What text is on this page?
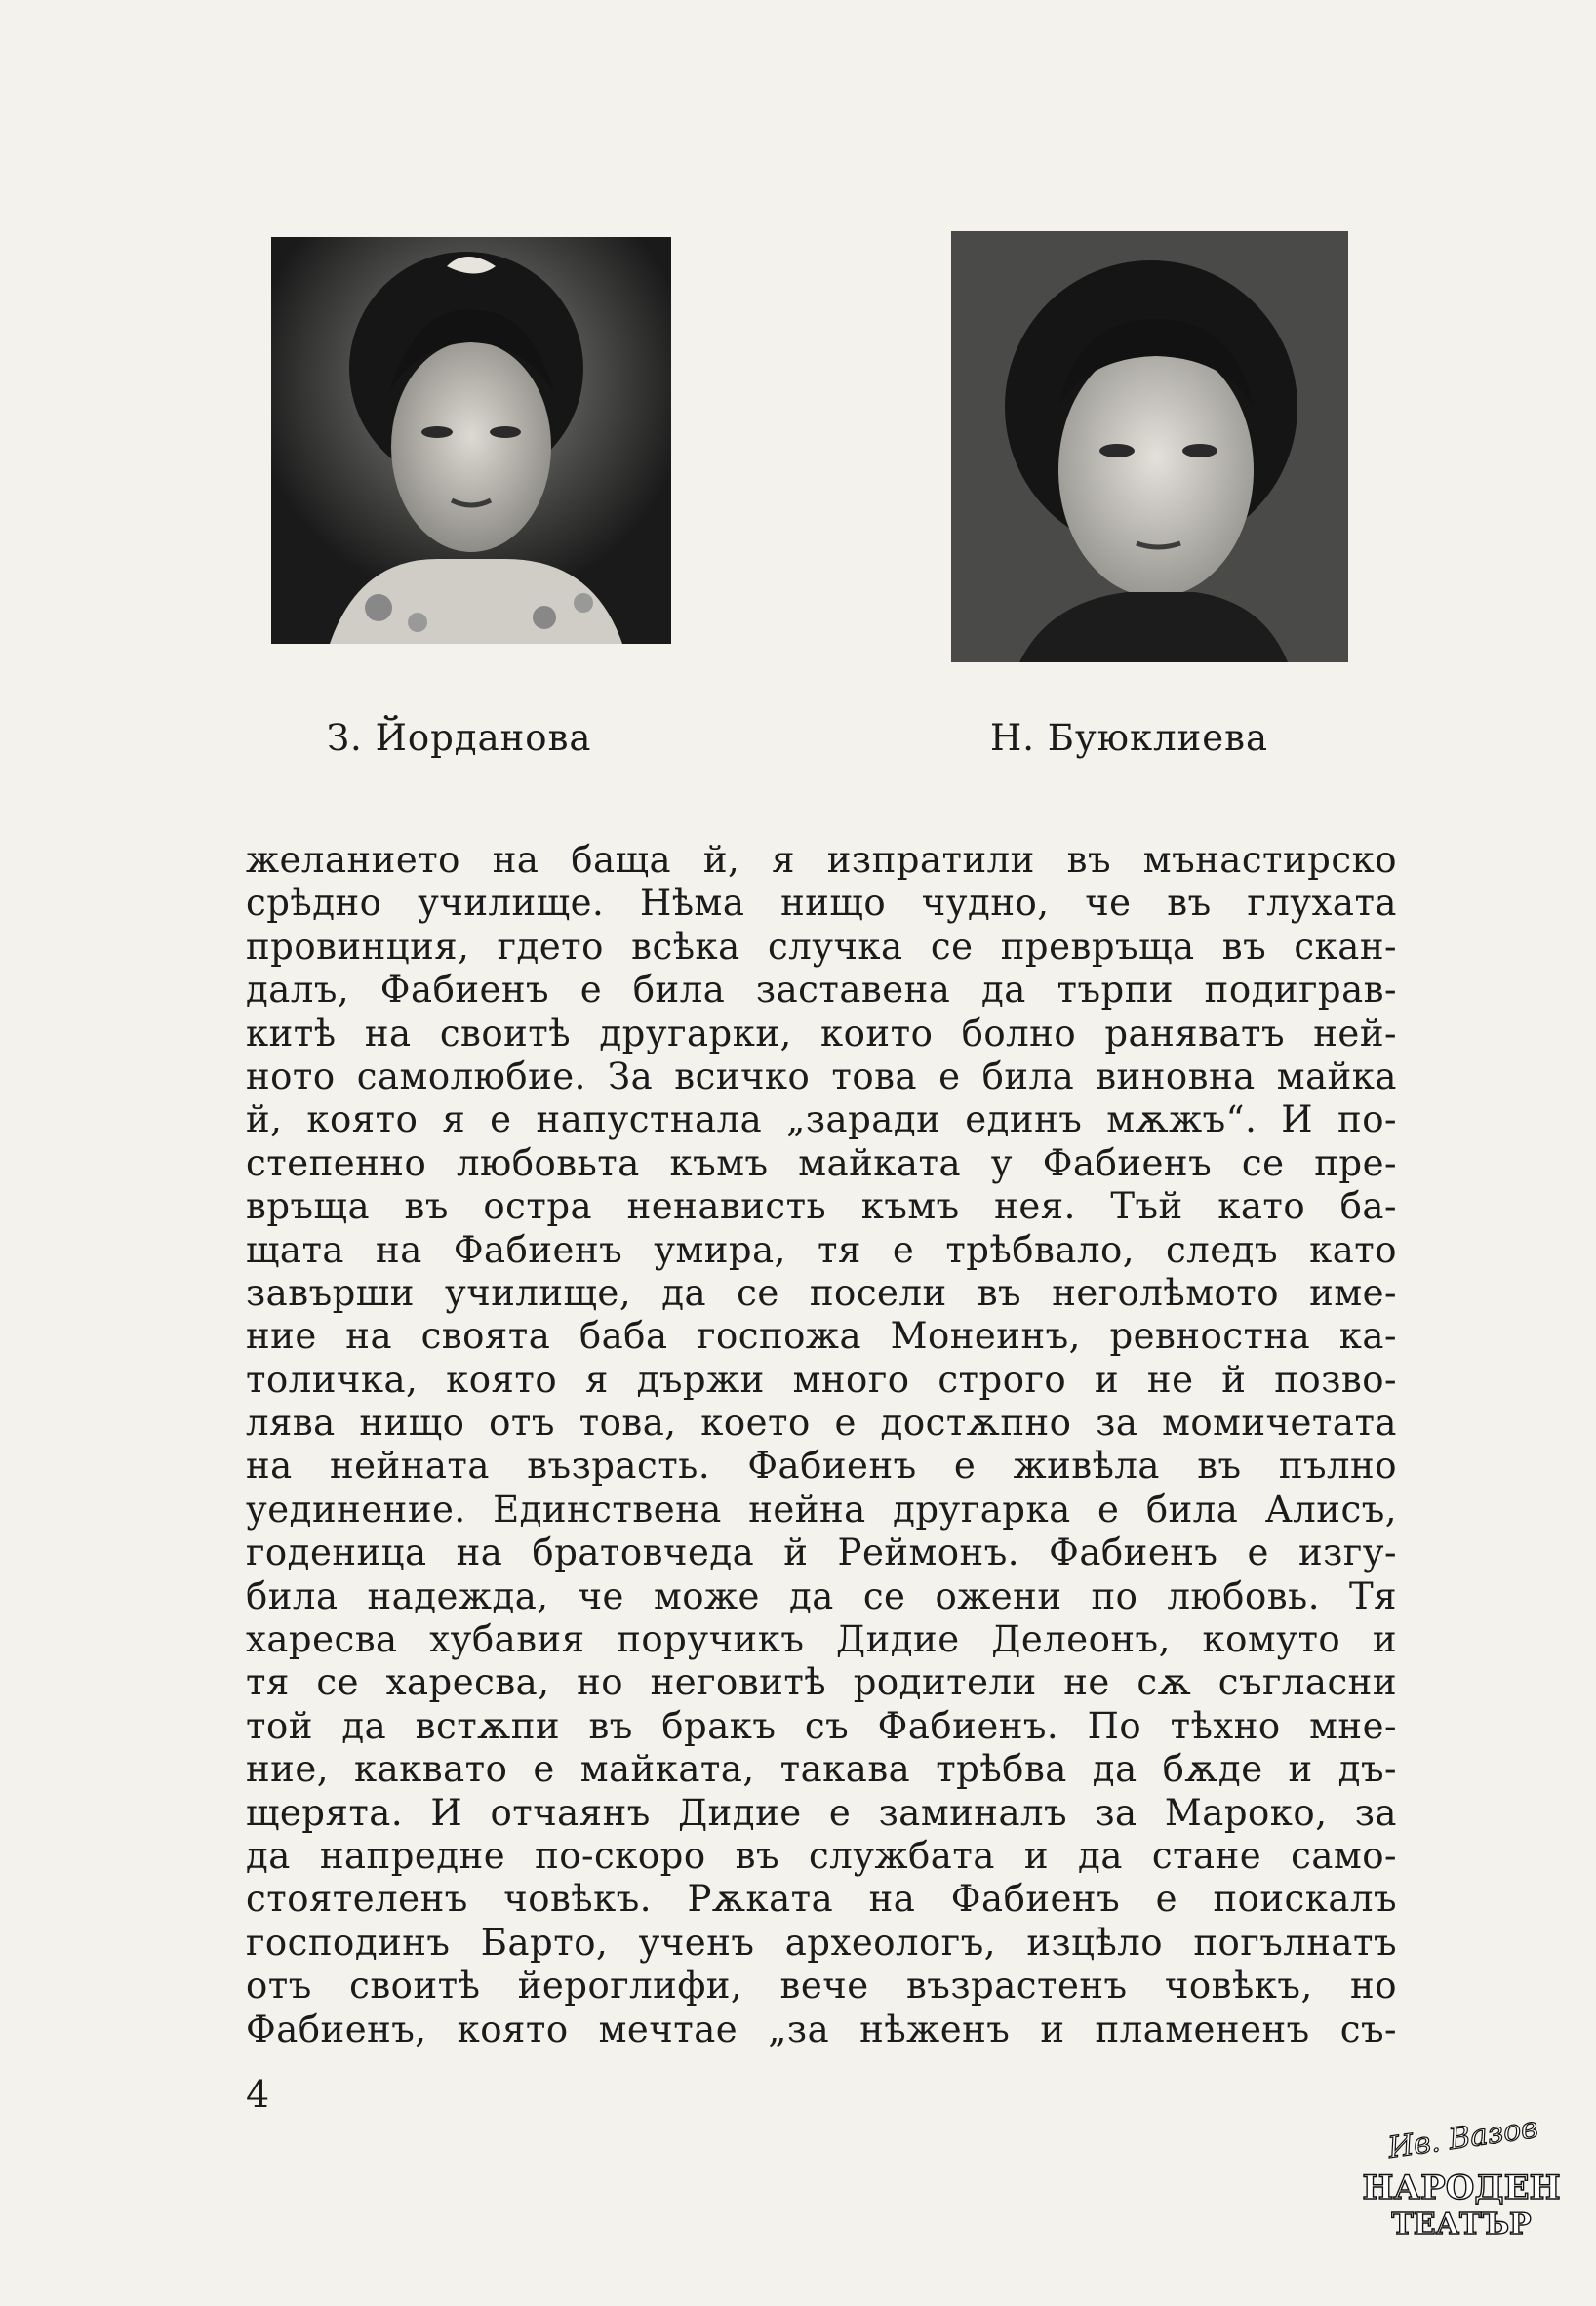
З. Йорданова	Н. Буюклиева
желанието на баща й, я изпратили въ мънастирско
срѣдно училище. Нѣма нищо чудно, че въ глухата
провинция, гдето всѣка случка се превръща въ скан-
далъ, Фабиенъ е била заставена да търпи подиграв-
китѣ на своитѣ другарки, които болно раняватъ ней-
ното самолюбие. За всичко това е била виновна майка
й, която я е напустнала „заради единъ мѫжъ“. И по-
степенно любовьта къмъ майката у Фабиенъ се пре-
връща въ остра ненависть къмъ нея. Тъй като ба-
щата на Фабиенъ умира, тя е трѣбвало, следъ като
завърши училище, да се посели въ неголѣмото име-
ние на своята баба госпожа Монеинъ, ревностна ка-
толичка, която я държи много строго и не й позво-
лява нищо отъ това, което е достѫпно за момичетата
на нейната възрасть. Фабиенъ е живѣла въ пълно
уединение. Единствена нейна другарка е била Алисъ,
годеница на братовчеда й Реймонъ. Фабиенъ е изгу-
била надежда, че може да се ожени по любовь. Тя
харесва хубавия поручикъ Дидие Делеонъ, комуто и
тя се харесва, но неговитѣ родители не сѫ съгласни
той да встѫпи въ бракъ съ Фабиенъ. По тѣхно мне-
ние, каквато е майката, такава трѣбва да бѫде и дъ-
щерята. И отчаянъ Дидие е заминалъ за Мароко, за
да напредне по-скоро въ службата и да стане само-
стоятеленъ човѣкъ. Рѫката на Фабиенъ е поискалъ
господинъ Барто, ученъ археологъ, изцѣло погълнатъ
отъ своитѣ йероглифи, вече възрастенъ човѣкъ, но
Фабиенъ, която мечтае „за нѣженъ и пламененъ съ-
4
Ив. Вазов
НАРОДЕН
ТЕАТЪР
